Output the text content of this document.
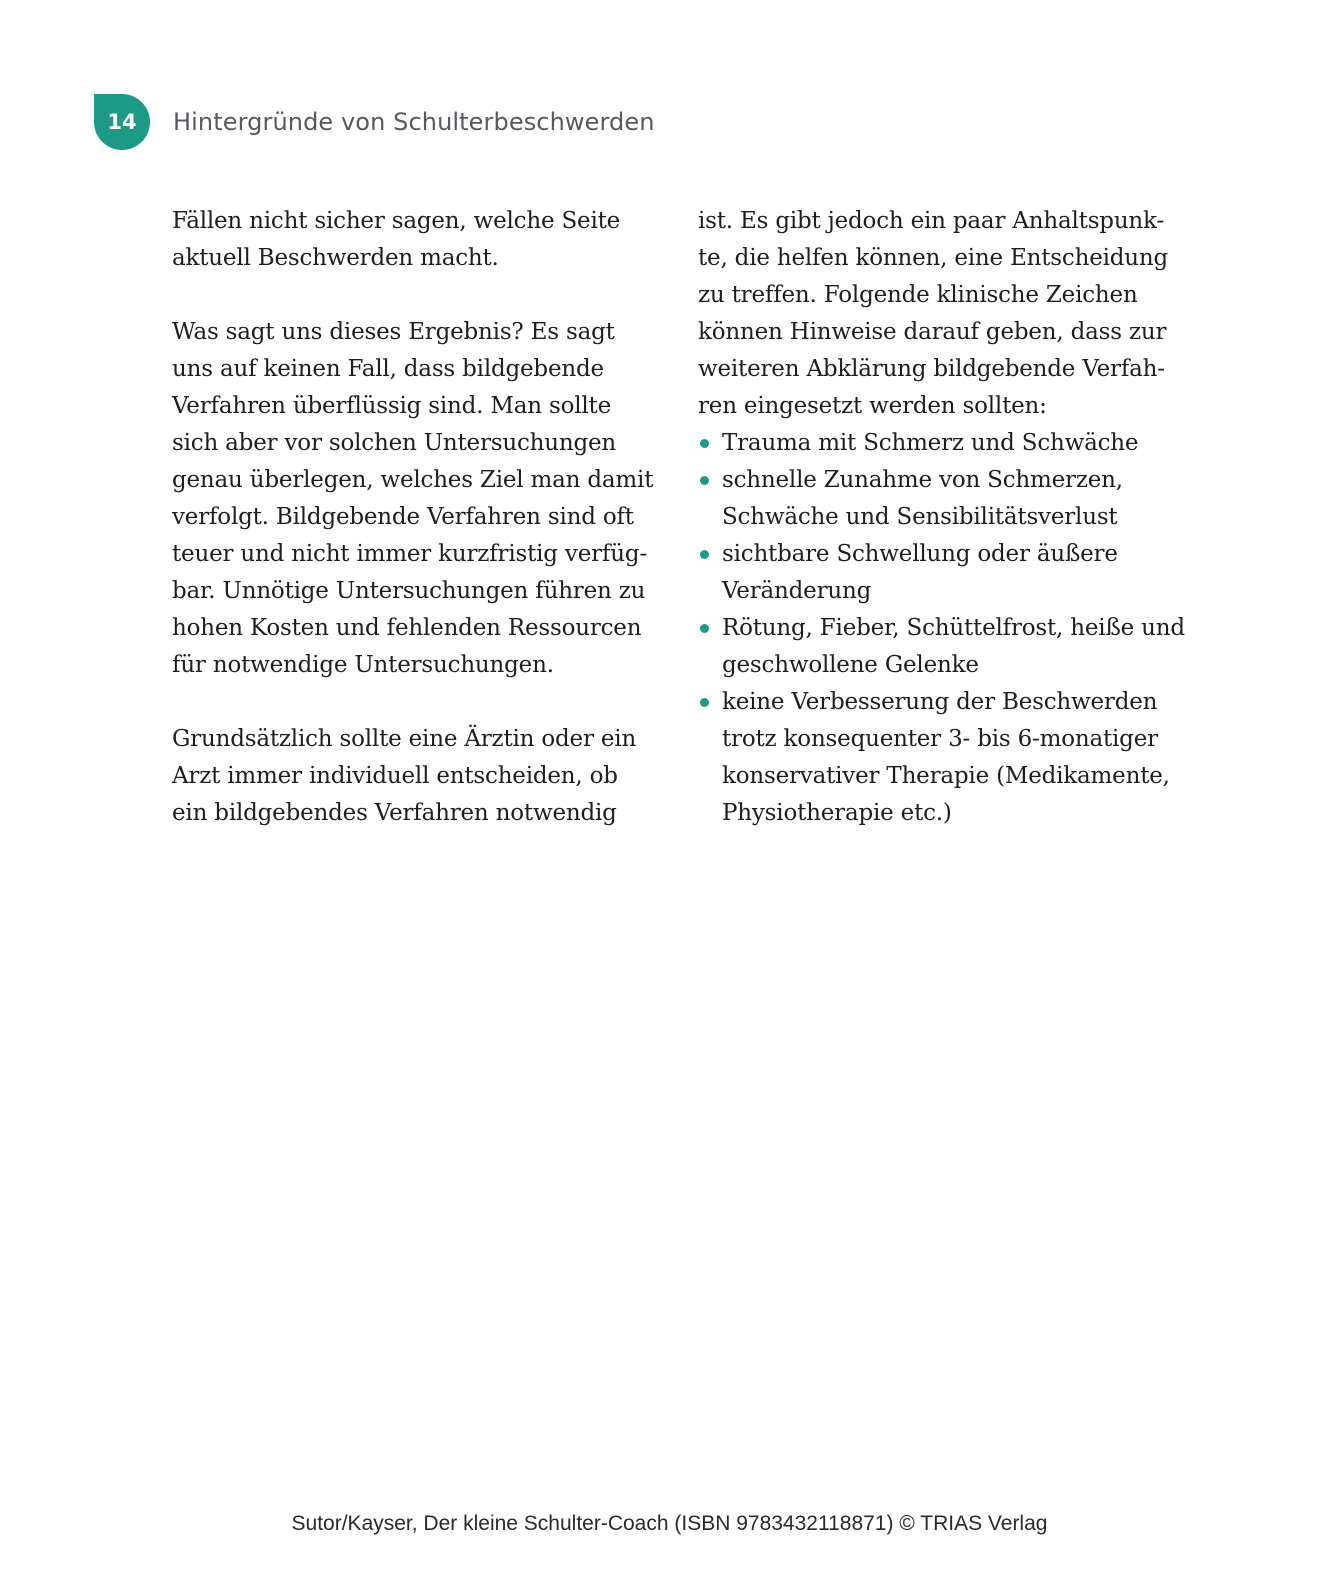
14 Hintergründe von Schulterbeschwerden
Fällen nicht sicher sagen, welche Seite
aktuell Beschwerden macht.
Was sagt uns dieses Ergebnis? Es sagt
uns auf keinen Fall, dass bildgebende
Verfahren überflüssig sind. Man sollte
sich aber vor solchen Untersuchungen
genau überlegen, welches Ziel man damit
verfolgt. Bildgebende Verfahren sind oft
teuer und nicht immer kurzfristig verfüg-
bar. Unnötige Untersuchungen führen zu
hohen Kosten und fehlenden Ressourcen
für notwendige Untersuchungen.
Grundsätzlich sollte eine Ärztin oder ein
Arzt immer individuell entscheiden, ob
ein bildgebendes Verfahren notwendig
ist. Es gibt jedoch ein paar Anhaltspunk-
te, die helfen können, eine Entscheidung
zu treffen. Folgende klinische Zeichen
können Hinweise darauf geben, dass zur
weiteren Abklärung bildgebende Verfah-
ren eingesetzt werden sollten:
Trauma mit Schmerz und Schwäche
schnelle Zunahme von Schmerzen,
Schwäche und Sensibilitätsverlust
sichtbare Schwellung oder äußere
Veränderung
Rötung, Fieber, Schüttelfrost, heiße und
geschwollene Gelenke
keine Verbesserung der Beschwerden
trotz konsequenter 3- bis 6-monatiger
konservativer Therapie (Medikamente,
Physiotherapie etc.)
Sutor/Kayser, Der kleine Schulter-Coach (ISBN 9783432118871) © TRIAS Verlag
